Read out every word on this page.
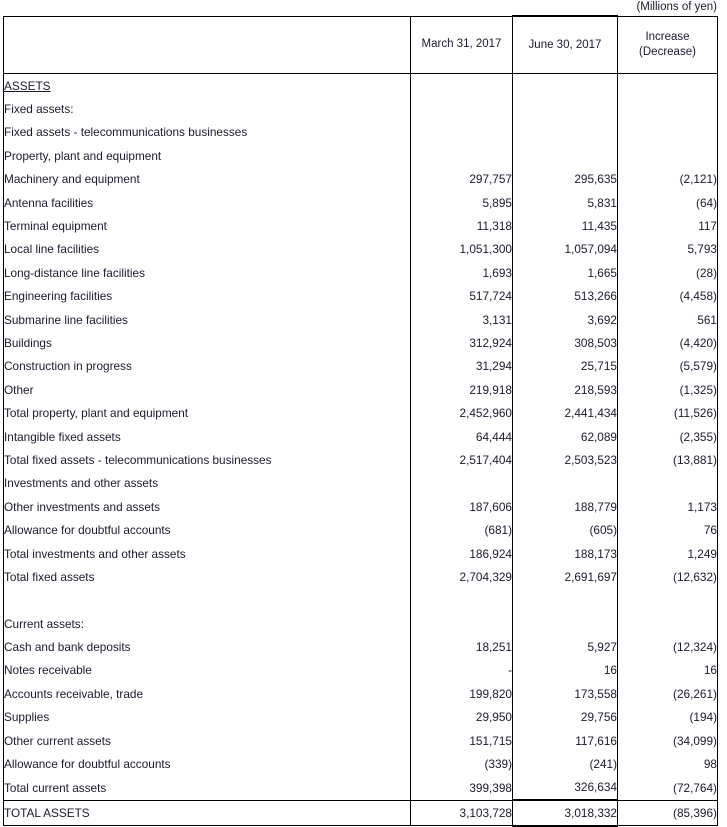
(Millions of yen)
	March 31, 2017	June 30, 2017	Increase
(Decrease)
ASSETS			
Fixed assets:			
Fixed assets - telecommunications businesses			
Property, plant and equipment			
Machinery and equipment	297,757	295,635	(2,121)
Antenna facilities	5,895	5,831	(64)
Terminal equipment	11,318	11,435	117
Local line facilities	1,051,300	1,057,094	5,793
Long-distance line facilities	1,693	1,665	(28)
Engineering facilities	517,724	513,266	(4,458)
Submarine line facilities	3,131	3,692	561
Buildings	312,924	308,503	(4,420)
Construction in progress	31,294	25,715	(5,579)
Other	219,918	218,593	(1,325)
Total property, plant and equipment	2,452,960	2,441,434	(11,526)
Intangible fixed assets	64,444	62,089	(2,355)
Total fixed assets - telecommunications businesses	2,517,404	2,503,523	(13,881)
Investments and other assets			
Other investments and assets	187,606	188,779	1,173
Allowance for doubtful accounts	(681)	(605)	76
Total investments and other assets	186,924	188,173	1,249
Total fixed assets	2,704,329	2,691,697	(12,632)

Current assets:			
Cash and bank deposits	18,251	5,927	(12,324)
Notes receivable	-	16	16
Accounts receivable, trade	199,820	173,558	(26,261)
Supplies	29,950	29,756	(194)
Other current assets	151,715	117,616	(34,099)
Allowance for doubtful accounts	(339)	(241)	98
Total current assets	399,398	326,634	(72,764)
TOTAL ASSETS	3,103,728	3,018,332	(85,396)
